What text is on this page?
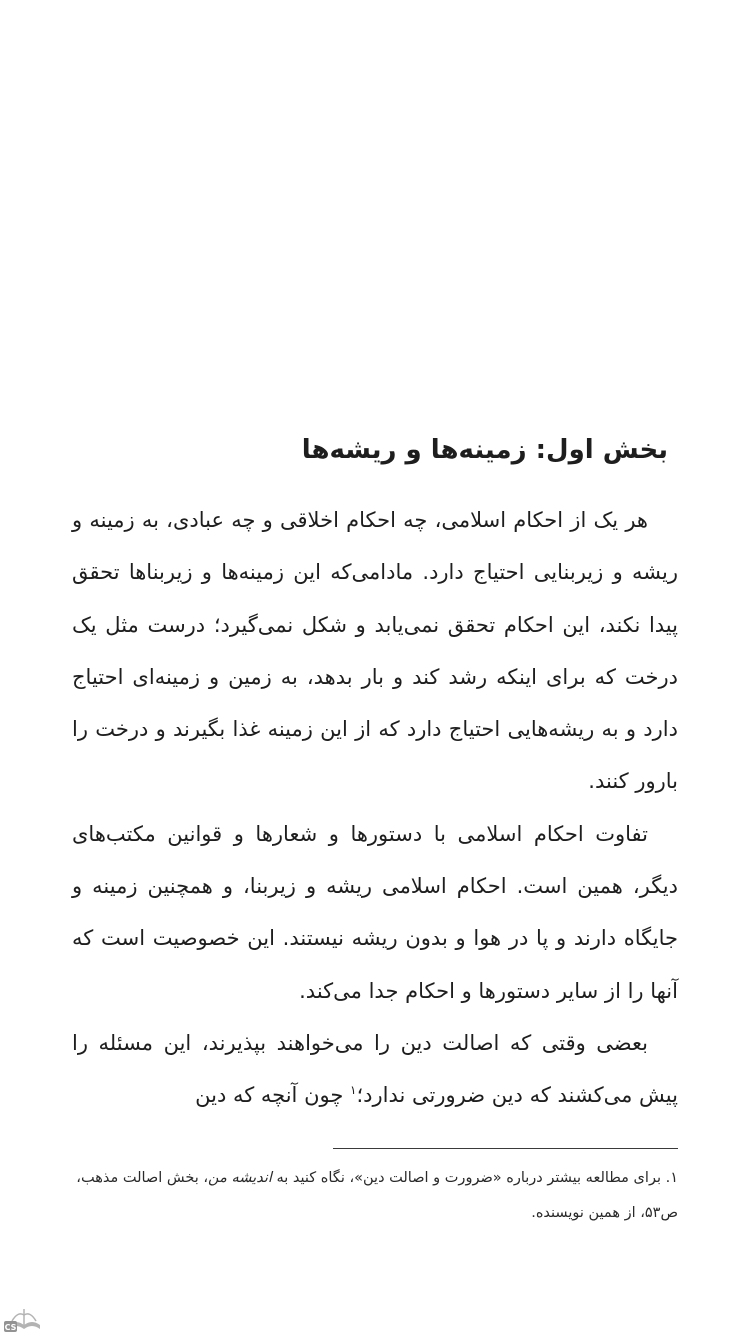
بخش اول: زمینه‌ها و ریشه‌ها

هر یک از احکام اسلامی، چه احکام اخلاقی و چه عبادی، به زمینه و ریشه و زیربنایی احتیاج دارد. مادامی‌که این زمینه‌ها و زیربناها تحقق پیدا نکند، این احکام تحقق نمی‌یابد و شکل نمی‌گیرد؛ درست مثل یک درخت که برای اینکه رشد کند و بار بدهد، به زمین و زمینه‌ای احتیاج دارد و به ریشه‌هایی احتیاج دارد که از این زمینه غذا بگیرند و درخت را بارور کنند.

تفاوت احکام اسلامی با دستورها و شعارها و قوانین مکتب‌های دیگر، همین است. احکام اسلامی ریشه و زیربنا، و همچنین زمینه و جایگاه دارند و پا در هوا و بدون ریشه نیستند. این خصوصیت است که آنها را از سایر دستورها و احکام جدا می‌کند.

بعضی وقتی که اصالت دین را می‌خواهند بپذیرند، این مسئله را پیش می‌کشند که دین ضرورتی ندارد؛$^۱$ چون آنچه که دین

۱. برای مطالعه بیشتر درباره «ضرورت و اصالت دین»، نگاه کنید به اندیشه من، بخش اصالت مذهب، ص۵۳، از همین نویسنده.
CS
